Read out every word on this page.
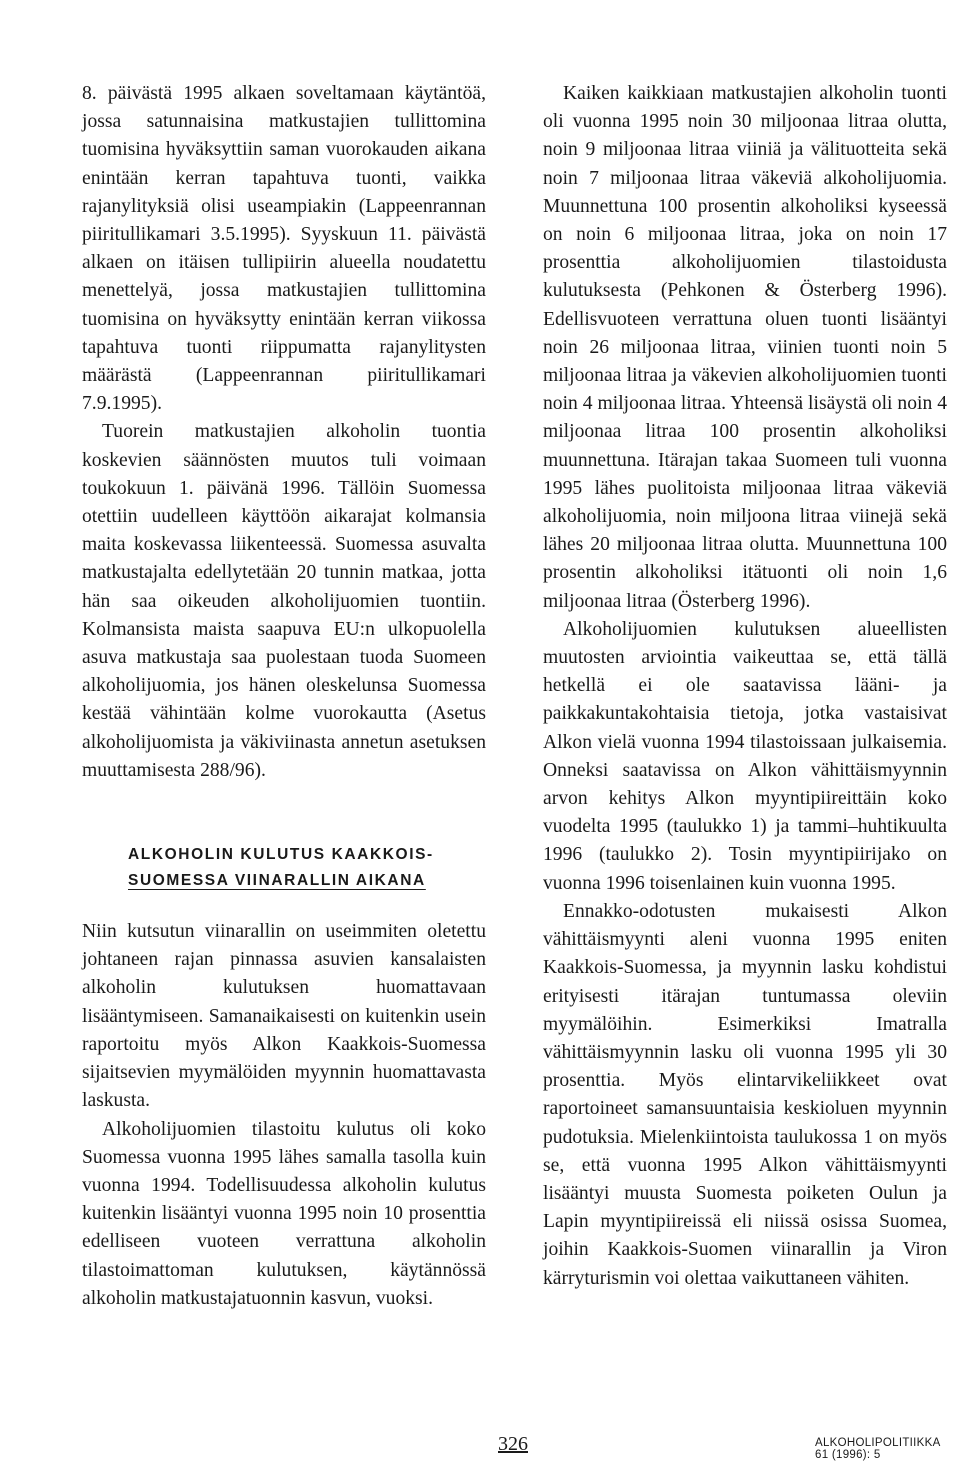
8. päivästä 1995 alkaen soveltamaan käytäntöä, jossa satunnaisina matkustajien tullittomina tuomisina hyväksyttiin saman vuorokauden aikana enintään kerran tapahtuva tuonti, vaikka rajanylityksiä olisi useampiakin (Lappeenrannan piiritullikamari 3.5.1995). Syyskuun 11. päivästä alkaen on itäisen tullipiirin alueella noudatettu menettelyä, jossa matkustajien tullittomina tuomisina on hyväksytty enintään kerran viikossa tapahtuva tuonti riippumatta rajanylitysten määrästä (Lappeenrannan piiritullikamari 7.9.1995).

Tuorein matkustajien alkoholin tuontia koskevien säännösten muutos tuli voimaan toukokuun 1. päivänä 1996. Tällöin Suomessa otettiin uudelleen käyttöön aikarajat kolmansia maita koskevassa liikenteessä. Suomessa asuvalta matkustajalta edellytetään 20 tunnin matkaa, jotta hän saa oikeuden alkoholijuomien tuontiin. Kolmansista maista saapuva EU:n ulkopuolella asuva matkustaja saa puolestaan tuoda Suomeen alkoholijuomia, jos hänen oleskelunsa Suomessa kestää vähintään kolme vuorokautta (Asetus alkoholijuomista ja väkiviinasta annetun asetuksen muuttamisesta 288/96).

ALKOHOLIN KULUTUS KAAKKOIS-
SUOMESSA VIINARALLIN AIKANA

Niin kutsutun viinarallin on useimmiten oletettu johtaneen rajan pinnassa asuvien kansalaisten alkoholin kulutuksen huomattavaan lisääntymiseen. Samanaikaisesti on kuitenkin usein raportoitu myös Alkon Kaakkois-Suomessa sijaitsevien myymälöiden myynnin huomattavasta laskusta.

Alkoholijuomien tilastoitu kulutus oli koko Suomessa vuonna 1995 lähes samalla tasolla kuin vuonna 1994. Todellisuudessa alkoholin kulutus kuitenkin lisääntyi vuonna 1995 noin 10 prosenttia edelliseen vuoteen verrattuna alkoholin tilastoimattoman kulutuksen, käytännössä alkoholin matkustajatuonnin kasvun, vuoksi.

Kaiken kaikkiaan matkustajien alkoholin tuonti oli vuonna 1995 noin 30 miljoonaa litraa olutta, noin 9 miljoonaa litraa viiniä ja välituotteita sekä noin 7 miljoonaa litraa väkeviä alkoholijuomia. Muunnettuna 100 prosentin alkoholiksi kyseessä on noin 6 miljoonaa litraa, joka on noin 17 prosenttia alkoholijuomien tilastoidusta kulutuksesta (Pehkonen & Österberg 1996). Edellisvuoteen verrattuna oluen tuonti lisääntyi noin 26 miljoonaa litraa, viinien tuonti noin 5 miljoonaa litraa ja väkevien alkoholijuomien tuonti noin 4 miljoonaa litraa. Yhteensä lisäystä oli noin 4 miljoonaa litraa 100 prosentin alkoholiksi muunnettuna. Itärajan takaa Suomeen tuli vuonna 1995 lähes puolitoista miljoonaa litraa väkeviä alkoholijuomia, noin miljoona litraa viinejä sekä lähes 20 miljoonaa litraa olutta. Muunnettuna 100 prosentin alkoholiksi itätuonti oli noin 1,6 miljoonaa litraa (Österberg 1996).

Alkoholijuomien kulutuksen alueellisten muutosten arviointia vaikeuttaa se, että tällä hetkellä ei ole saatavissa lääni- ja paikkakuntakohtaisia tietoja, jotka vastaisivat Alkon vielä vuonna 1994 tilastoissaan julkaisemia. Onneksi saatavissa on Alkon vähittäismyynnin arvon kehitys Alkon myyntipiireittäin koko vuodelta 1995 (taulukko 1) ja tammi–huhtikuulta 1996 (taulukko 2). Tosin myyntipiirijako on vuonna 1996 toisenlainen kuin vuonna 1995.

Ennakko-odotusten mukaisesti Alkon vähittäismyynti aleni vuonna 1995 eniten Kaakkois-Suomessa, ja myynnin lasku kohdistui erityisesti itärajan tuntumassa oleviin myymälöihin. Esimerkiksi Imatralla vähittäismyynnin lasku oli vuonna 1995 yli 30 prosenttia. Myös elintarvikeliikkeet ovat raportoineet samansuuntaisia keskioluen myynnin pudotuksia. Mielenkiintoista taulukossa 1 on myös se, että vuonna 1995 Alkon vähittäismyynti lisääntyi muusta Suomesta poiketen Oulun ja Lapin myyntipiireissä eli niissä osissa Suomea, joihin Kaakkois-Suomen viinarallin ja Viron kärryturismin voi olettaa vaikuttaneen vähiten.

326	ALKOHOLIPOLITIIKKA
61 (1996): 5
